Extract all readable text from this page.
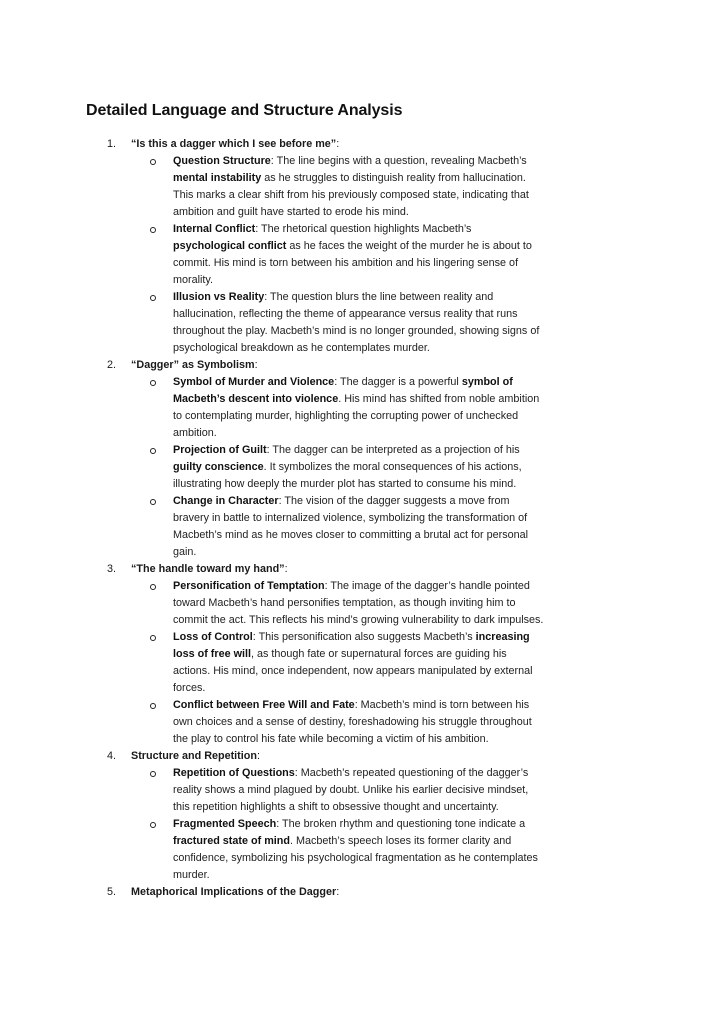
Detailed Language and Structure Analysis
1.	“Is this a dagger which I see before me”:
Question Structure: The line begins with a question, revealing Macbeth’s
mental instability as he struggles to distinguish reality from hallucination.
This marks a clear shift from his previously composed state, indicating that
ambition and guilt have started to erode his mind.
Internal Conflict: The rhetorical question highlights Macbeth’s
psychological conflict as he faces the weight of the murder he is about to
commit. His mind is torn between his ambition and his lingering sense of
morality.
Illusion vs Reality: The question blurs the line between reality and
hallucination, reflecting the theme of appearance versus reality that runs
throughout the play. Macbeth’s mind is no longer grounded, showing signs of
psychological breakdown as he contemplates murder.
2.	“Dagger” as Symbolism:
Symbol of Murder and Violence: The dagger is a powerful symbol of
Macbeth’s descent into violence. His mind has shifted from noble ambition
to contemplating murder, highlighting the corrupting power of unchecked
ambition.
Projection of Guilt: The dagger can be interpreted as a projection of his
guilty conscience. It symbolizes the moral consequences of his actions,
illustrating how deeply the murder plot has started to consume his mind.
Change in Character: The vision of the dagger suggests a move from
bravery in battle to internalized violence, symbolizing the transformation of
Macbeth’s mind as he moves closer to committing a brutal act for personal
gain.
3.	“The handle toward my hand”:
Personification of Temptation: The image of the dagger’s handle pointed
toward Macbeth’s hand personifies temptation, as though inviting him to
commit the act. This reflects his mind’s growing vulnerability to dark impulses.
Loss of Control: This personification also suggests Macbeth’s increasing
loss of free will, as though fate or supernatural forces are guiding his
actions. His mind, once independent, now appears manipulated by external
forces.
Conflict between Free Will and Fate: Macbeth’s mind is torn between his
own choices and a sense of destiny, foreshadowing his struggle throughout
the play to control his fate while becoming a victim of his ambition.
4.	Structure and Repetition:
Repetition of Questions: Macbeth’s repeated questioning of the dagger’s
reality shows a mind plagued by doubt. Unlike his earlier decisive mindset,
this repetition highlights a shift to obsessive thought and uncertainty.
Fragmented Speech: The broken rhythm and questioning tone indicate a
fractured state of mind. Macbeth’s speech loses its former clarity and
confidence, symbolizing his psychological fragmentation as he contemplates
murder.
5.	Metaphorical Implications of the Dagger:
